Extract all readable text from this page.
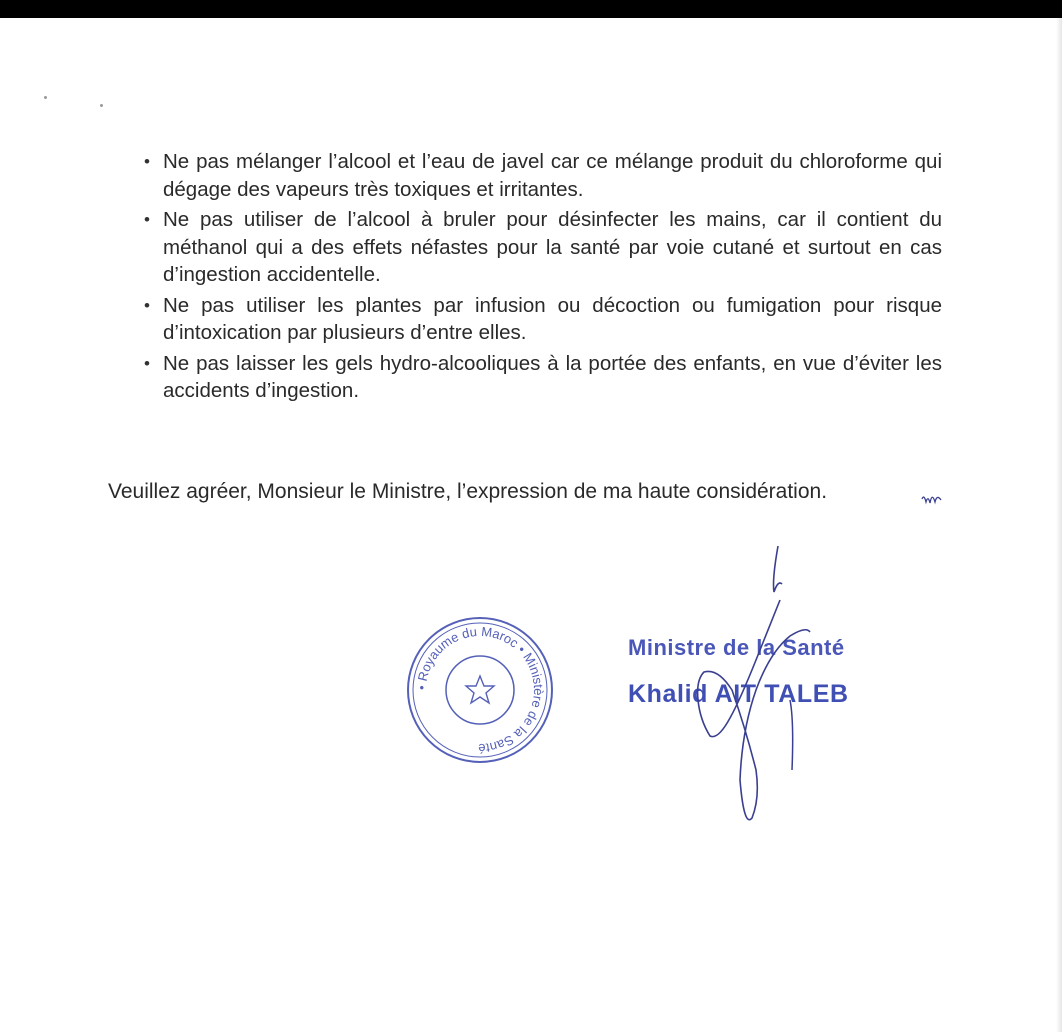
• Ne pas mélanger l’alcool et l’eau de javel car ce mélange produit du chloroforme qui dégage des vapeurs très toxiques et irritantes.
• Ne pas utiliser de l’alcool à bruler pour désinfecter les mains, car il contient du méthanol qui a des effets néfastes pour la santé par voie cutané et surtout en cas d’ingestion accidentelle.
• Ne pas utiliser les plantes par infusion ou décoction ou fumigation pour risque d’intoxication par plusieurs d’entre elles.
• Ne pas laisser les gels hydro-alcooliques à la portée des enfants, en vue d’éviter les accidents d’ingestion.
Veuillez agréer, Monsieur le Ministre, l’expression de ma haute considération.
• Royaume du Maroc • Ministère de la Santé
Ministre de la Santé
Khalid AIT TALEB
